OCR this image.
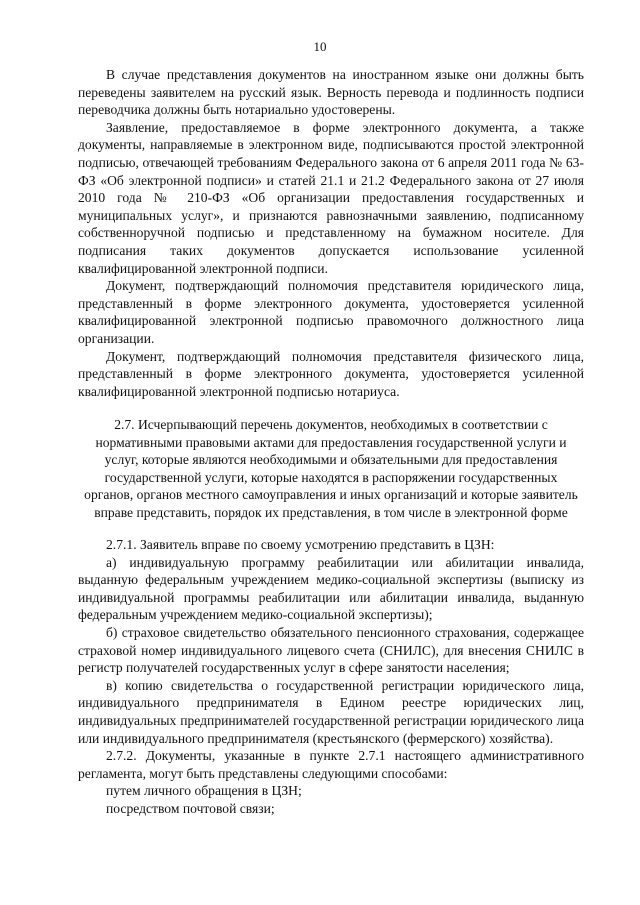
10

В случае представления документов на иностранном языке они должны быть переведены заявителем на русский язык. Верность перевода и подлинность подписи переводчика должны быть нотариально удостоверены.

Заявление, предоставляемое в форме электронного документа, а также документы, направляемые в электронном виде, подписываются простой электронной подписью, отвечающей требованиям Федерального закона от 6 апреля 2011 года № 63-ФЗ «Об электронной подписи» и статей 21.1 и 21.2 Федерального закона от 27 июля 2010 года № 210-ФЗ «Об организации предоставления государственных и муниципальных услуг», и признаются равнозначными заявлению, подписанному собственноручной подписью и представленному на бумажном носителе. Для подписания таких документов допускается использование усиленной квалифицированной электронной подписи.

Документ, подтверждающий полномочия представителя юридического лица, представленный в форме электронного документа, удостоверяется усиленной квалифицированной электронной подписью правомочного должностного лица организации.

Документ, подтверждающий полномочия представителя физического лица, представленный в форме электронного документа, удостоверяется усиленной квалифицированной электронной подписью нотариуса.

2.7. Исчерпывающий перечень документов, необходимых в соответствии с
нормативными правовыми актами для предоставления государственной услуги и
услуг, которые являются необходимыми и обязательными для предоставления
государственной услуги, которые находятся в распоряжении государственных
органов, органов местного самоуправления и иных организаций и которые заявитель
вправе представить, порядок их представления, в том числе в электронной форме

2.7.1. Заявитель вправе по своему усмотрению представить в ЦЗН:

а) индивидуальную программу реабилитации или абилитации инвалида, выданную федеральным учреждением медико-социальной экспертизы (выписку из индивидуальной программы реабилитации или абилитации инвалида, выданную федеральным учреждением медико-социальной экспертизы);

б) страховое свидетельство обязательного пенсионного страхования, содержащее страховой номер индивидуального лицевого счета (СНИЛС), для внесения СНИЛС в регистр получателей государственных услуг в сфере занятости населения;

в) копию свидетельства о государственной регистрации юридического лица, индивидуального предпринимателя в Едином реестре юридических лиц, индивидуальных предпринимателей государственной регистрации юридического лица или индивидуального предпринимателя (крестьянского (фермерского) хозяйства).

2.7.2. Документы, указанные в пункте 2.7.1 настоящего административного регламента, могут быть представлены следующими способами:

путем личного обращения в ЦЗН;

посредством почтовой связи;
